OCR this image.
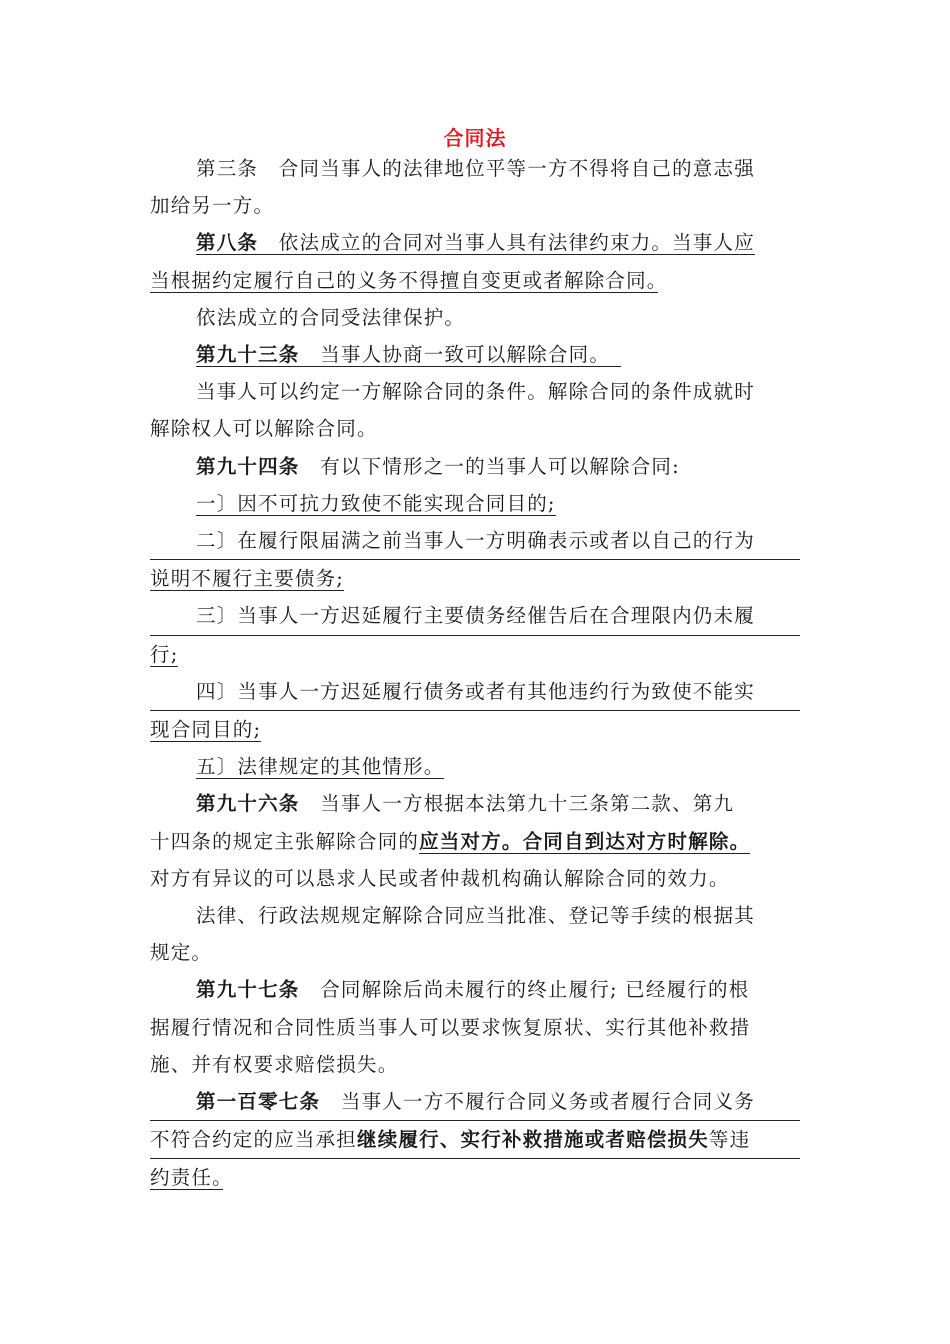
合同法
第三条　合同当事人的法律地位平等一方不得将自己的意志强
加给另一方。
第八条　依法成立的合同对当事人具有法律约束力。当事人应
当根据约定履行自己的义务不得擅自变更或者解除合同。　
依法成立的合同受法律保护。
第九十三条　当事人协商一致可以解除合同。　
当事人可以约定一方解除合同的条件。解除合同的条件成就时
解除权人可以解除合同。
第九十四条　有以下情形之一的当事人可以解除合同:
一〕因不可抗力致使不能实现合同目的;
二〕在履行限届满之前当事人一方明确表示或者以自己的行为
说明不履行主要债务;
三〕当事人一方迟延履行主要债务经催告后在合理限内仍未履
行;　
四〕当事人一方迟延履行债务或者有其他违约行为致使不能实
现合同目的;
五〕法律规定的其他情形。
第九十六条　当事人一方根据本法第九十三条第二款、第九
十四条的规定主张解除合同的应当对方。合同自到达对方时解除。
对方有异议的可以恳求人民或者仲裁机构确认解除合同的效力。
法律、行政法规规定解除合同应当批准、登记等手续的根据其
规定。
第九十七条　合同解除后尚未履行的终止履行; 已经履行的根
据履行情况和合同性质当事人可以要求恢复原状、实行其他补救措
施、并有权要求赔偿损失。
第一百零七条　当事人一方不履行合同义务或者履行合同义务
不符合约定的应当承担继续履行、实行补救措施或者赔偿损失等违
约责任。　
